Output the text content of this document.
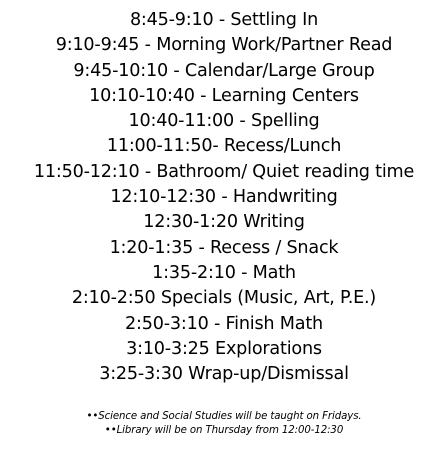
8:45-9:10 - Settling In
9:10-9:45 - Morning Work/Partner Read
9:45-10:10 - Calendar/Large Group
10:10-10:40 - Learning Centers
10:40-11:00 - Spelling
11:00-11:50- Recess/Lunch
11:50-12:10 - Bathroom/ Quiet reading time
12:10-12:30 - Handwriting
12:30-1:20 Writing
1:20-1:35 - Recess / Snack
1:35-2:10 - Math
2:10-2:50 Specials (Music, Art, P.E.)
2:50-3:10 - Finish Math
3:10-3:25 Explorations
3:25-3:30 Wrap-up/Dismissal
••Science and Social Studies will be taught on Fridays.
••Library will be on Thursday from 12:00-12:30
